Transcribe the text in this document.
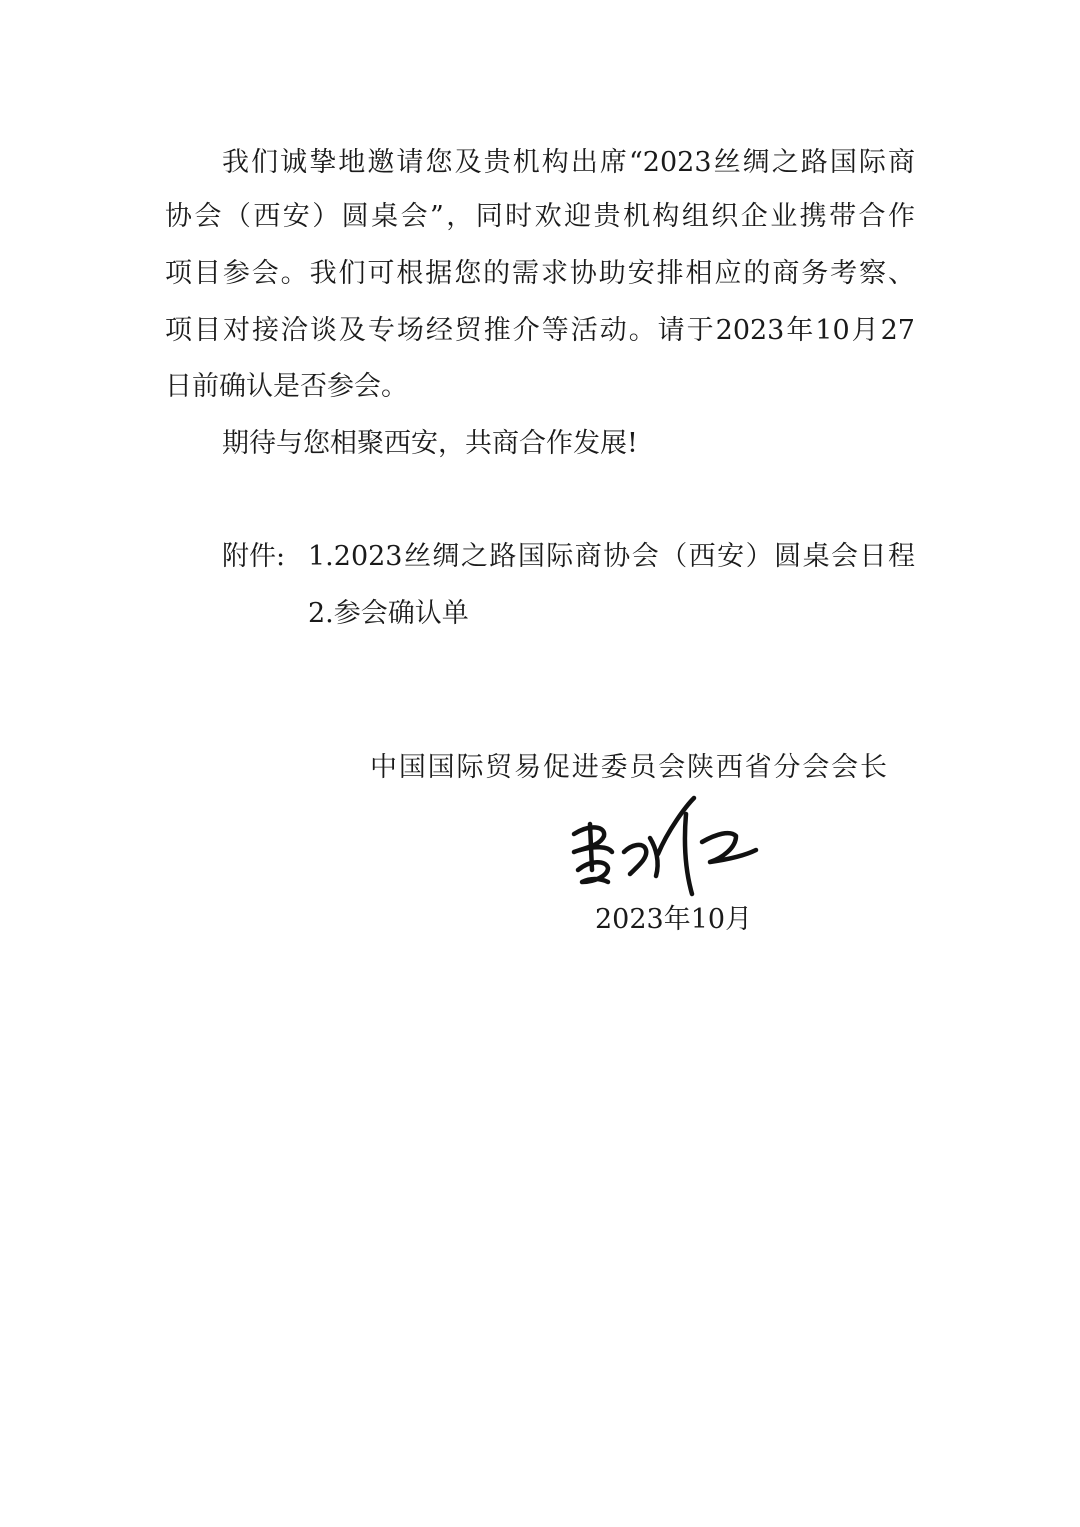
我们诚挚地邀请您及贵机构出席“2023丝绸之路国际商
协会（西安）圆桌会”，同时欢迎贵机构组织企业携带合作
项目参会。我们可根据您的需求协助安排相应的商务考察、
项目对接洽谈及专场经贸推介等活动。请于2023年10月27
日前确认是否参会。
期待与您相聚西安，共商合作发展!
附件: 1.2023丝绸之路国际商协会（西安）圆桌会日程
2.参会确认单
中国国际贸易促进委员会陕西省分会会长
2023年10月
